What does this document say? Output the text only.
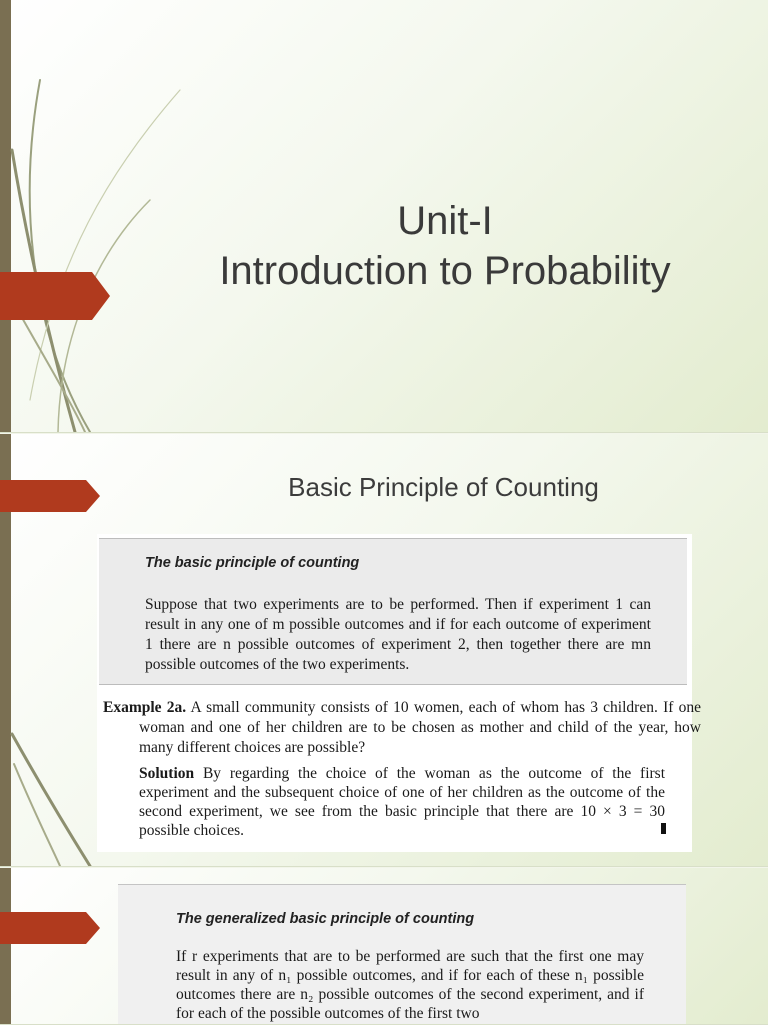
Unit-I
Introduction to Probability
Basic Principle of Counting
The basic principle of counting
Suppose that two experiments are to be performed. Then if experiment 1 can result in any one of m possible outcomes and if for each outcome of experiment 1 there are n possible outcomes of experiment 2, then together there are mn possible outcomes of the two experiments.
Example 2a. A small community consists of 10 women, each of whom has 3 children. If one woman and one of her children are to be chosen as mother and child of the year, how many different choices are possible?
Solution By regarding the choice of the woman as the outcome of the first experiment and the subsequent choice of one of her children as the outcome of the second experiment, we see from the basic principle that there are 10 × 3 = 30 possible choices.
The generalized basic principle of counting
If r experiments that are to be performed are such that the first one may result in any of n₁ possible outcomes, and if for each of these n₁ possible outcomes there are n₂ possible outcomes of the second experiment, and if for each of the possible outcomes of the first two
